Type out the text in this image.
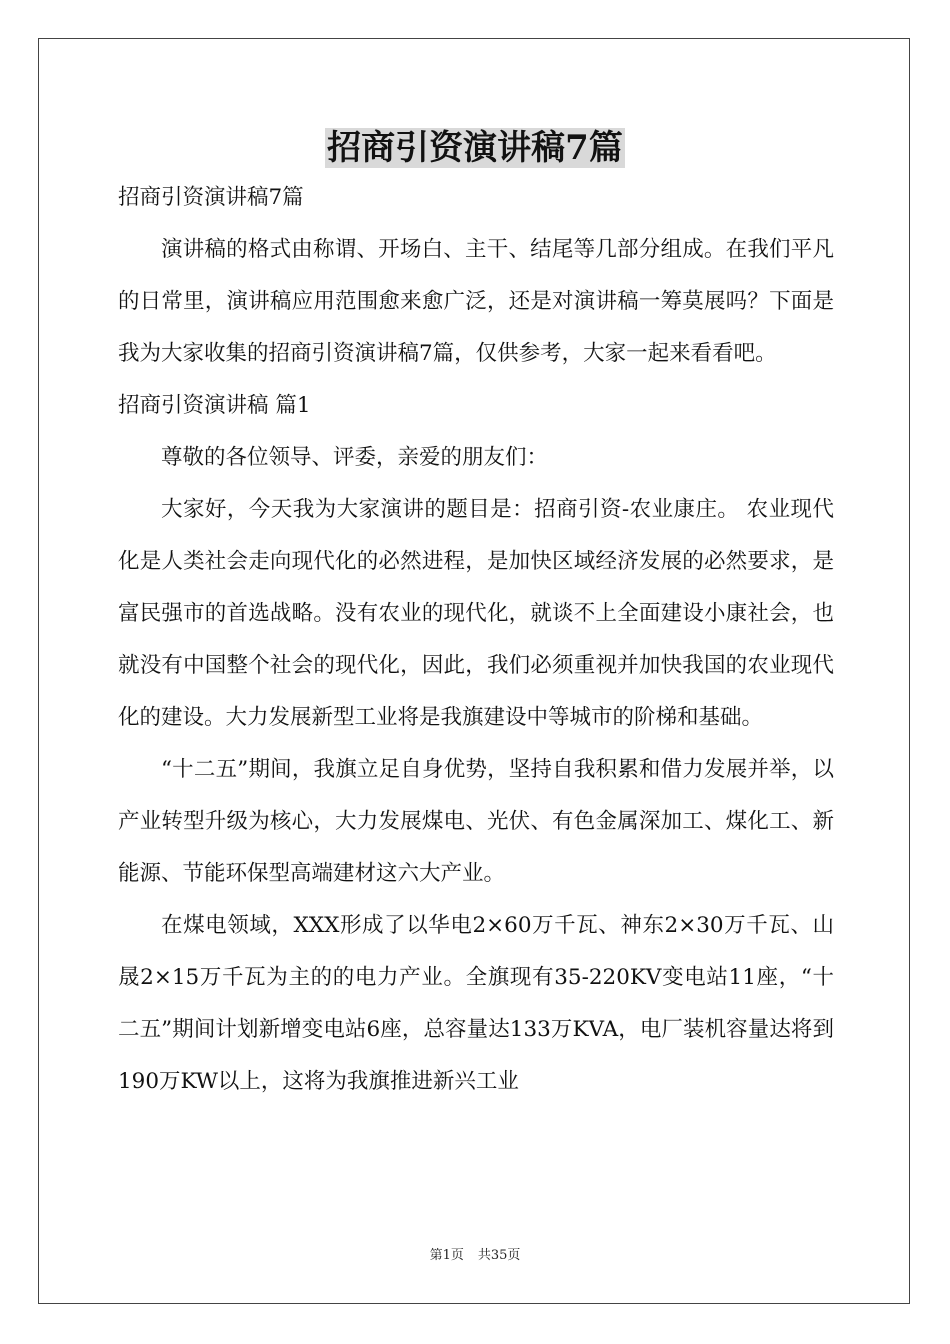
招商引资演讲稿7篇

招商引资演讲稿7篇

演讲稿的格式由称谓、开场白、主干、结尾等几部分组成。在我们平凡的日常里，演讲稿应用范围愈来愈广泛，还是对演讲稿一筹莫展吗？下面是我为大家收集的招商引资演讲稿7篇，仅供参考，大家一起来看看吧。

招商引资演讲稿 篇1

尊敬的各位领导、评委，亲爱的朋友们：

大家好，今天我为大家演讲的题目是：招商引资-农业康庄。 农业现代化是人类社会走向现代化的必然进程，是加快区域经济发展的必然要求，是富民强市的首选战略。没有农业的现代化，就谈不上全面建设小康社会，也就没有中国整个社会的现代化，因此，我们必须重视并加快我国的农业现代化的建设。大力发展新型工业将是我旗建设中等城市的阶梯和基础。

“十二五”期间，我旗立足自身优势，坚持自我积累和借力发展并举，以产业转型升级为核心，大力发展煤电、光伏、有色金属深加工、煤化工、新能源、节能环保型高端建材这六大产业。

在煤电领域，XXX形成了以华电2×60万千瓦、神东2×30万千瓦、山晟2×15万千瓦为主的的电力产业。全旗现有35-220KV变电站11座，“十二五”期间计划新增变电站6座，总容量达133万KVA，电厂装机容量达将到190万KW以上，这将为我旗推进新兴工业

第1页 共35页
